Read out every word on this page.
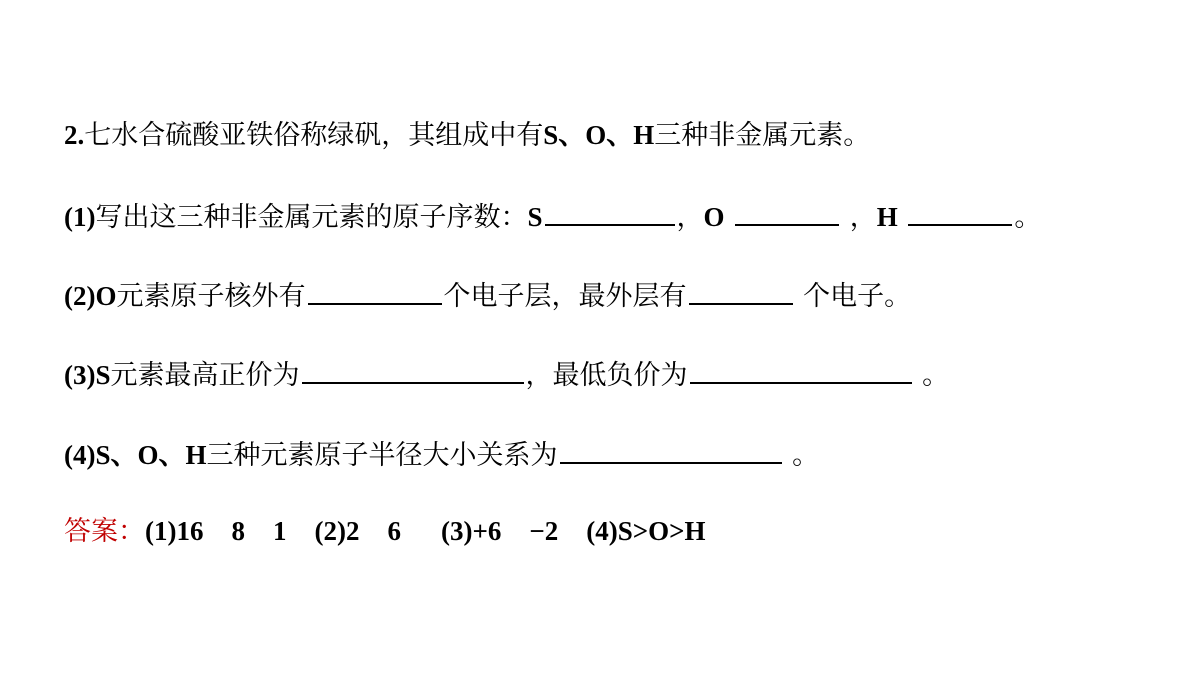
2.七水合硫酸亚铁俗称绿矾，其组成中有S、O、H三种非金属元素。
(1)写出这三种非金属元素的原子序数：S	，O	，H	。
(2)O元素原子核外有	个电子层，最外层有	个电子。
(3)S元素最高正价为	，最低负价为	。
(4)S、O、H三种元素原子半径大小关系为	。
答案：(1)16 8 1 (2)2 6 (3)+6 −2 (4)S>O>H
